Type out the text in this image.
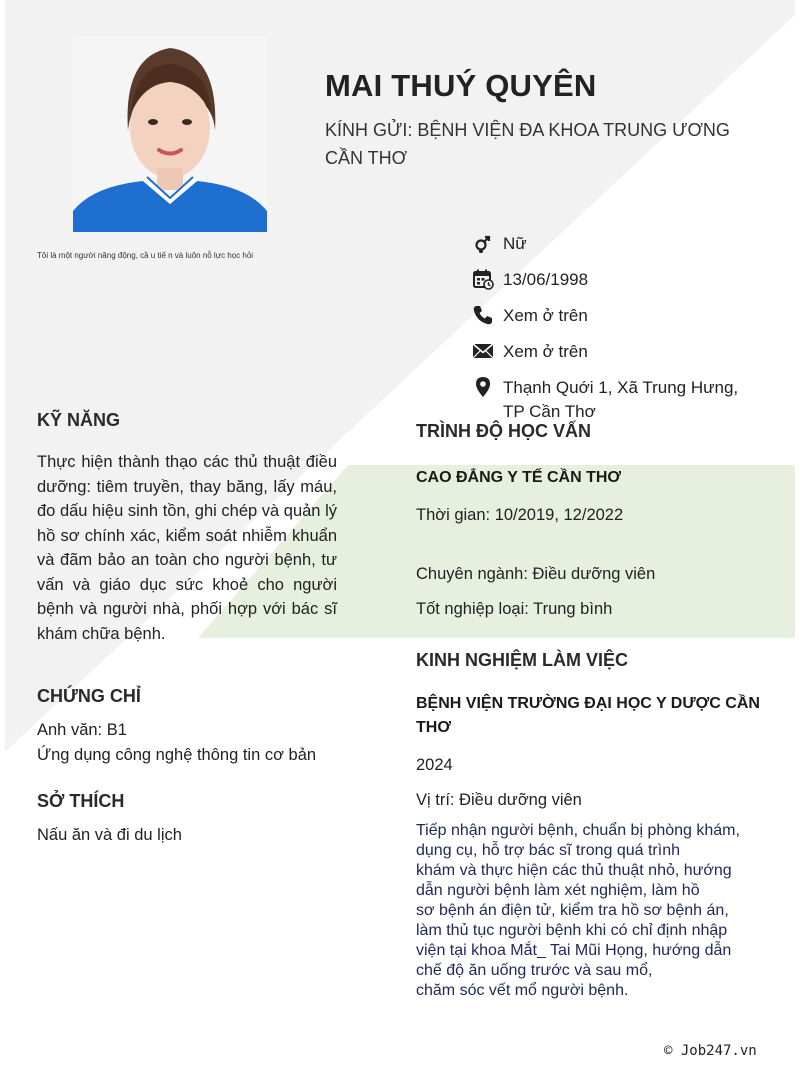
Tôi là một người năng động, cầ u tiế n và luôn nỗ lực học hỏi
MAI THUÝ QUYÊN
KÍNH GỬI: BỆNH VIỆN ĐA KHOA TRUNG ƯƠNG CẦN THƠ
Nữ
13/06/1998
Xem ở trên
Xem ở trên
Thạnh Quới 1, Xã Trung Hưng,
TP Cần Thơ
KỸ NĂNG
Thực hiện thành thạo các thủ thuật điều dưỡng: tiêm truyền, thay băng, lấy máu, đo dấu hiệu sinh tồn, ghi chép và quản lý hồ sơ chính xác, kiểm soát nhiễm khuẩn và đãm bảo an toàn cho người bệnh, tư vấn và giáo dục sức khoẻ cho người bệnh và người nhà, phối hợp với bác sĩ khám chữa bệnh.
CHỨNG CHỈ
Anh văn: B1
Ứng dụng công nghệ thông tin cơ bản
SỞ THÍCH
Nấu ăn và đi du lịch
TRÌNH ĐỘ HỌC VẤN
CAO ĐẲNG Y TẾ CẦN THƠ
Thời gian: 10/2019, 12/2022
Chuyên ngành: Điều dưỡng viên
Tốt nghiệp loại: Trung bình
KINH NGHIỆM LÀM VIỆC
BỆNH VIỆN TRƯỜNG ĐẠI HỌC Y DƯỢC CẦN THƠ
2024
Vị trí: Điều dưỡng viên
Tiếp nhận người bệnh, chuẩn bị phòng khám,
dụng cụ, hỗ trợ bác sĩ trong quá trình
khám và thực hiện các thủ thuật nhỏ, hướng
dẫn người bệnh làm xét nghiệm, làm hồ
sơ bệnh án điện tử, kiểm tra hồ sơ bệnh án,
làm thủ tục người bệnh khi có chỉ định nhập
viện tại khoa Mắt_ Tai Mũi Họng, hướng dẫn
chế độ ăn uống trước và sau mổ,
chăm sóc vết mổ người bệnh.
© Job247.vn
